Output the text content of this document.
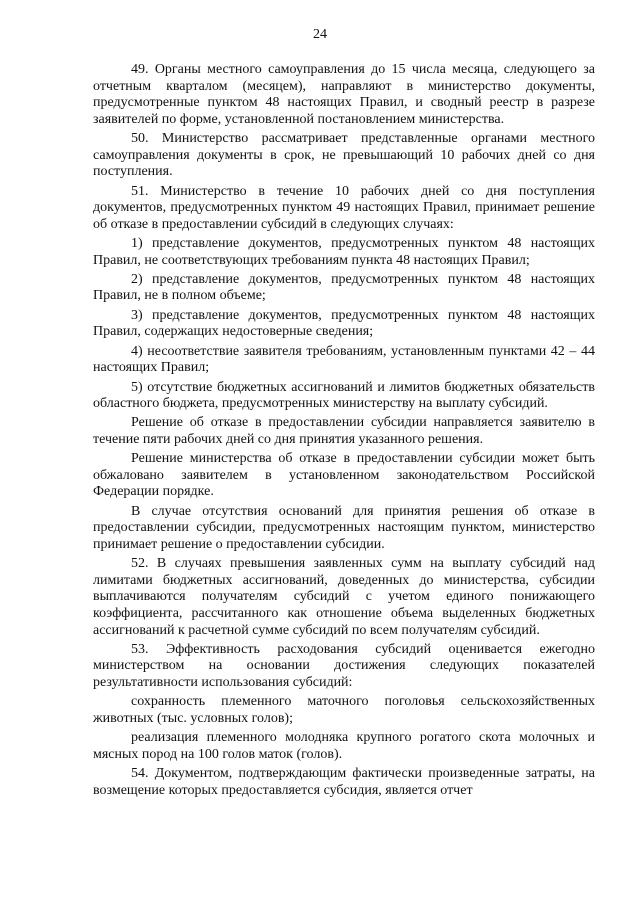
24

49. Органы местного самоуправления до 15 числа месяца, следующего за отчетным кварталом (месяцем), направляют в министерство документы, предусмотренные пунктом 48 настоящих Правил, и сводный реестр в разрезе заявителей по форме, установленной постановлением министерства.

50. Министерство рассматривает представленные органами местного самоуправления документы в срок, не превышающий 10 рабочих дней со дня поступления.

51. Министерство в течение 10 рабочих дней со дня поступления документов, предусмотренных пунктом 49 настоящих Правил, принимает решение об отказе в предоставлении субсидий в следующих случаях:

1) представление документов, предусмотренных пунктом 48 настоящих Правил, не соответствующих требованиям пункта 48 настоящих Правил;

2) представление документов, предусмотренных пунктом 48 настоящих Правил, не в полном объеме;

3) представление документов, предусмотренных пунктом 48 настоящих Правил, содержащих недостоверные сведения;

4) несоответствие заявителя требованиям, установленным пунктами 42 – 44 настоящих Правил;

5) отсутствие бюджетных ассигнований и лимитов бюджетных обязательств областного бюджета, предусмотренных министерству на выплату субсидий.

Решение об отказе в предоставлении субсидии направляется заявителю в течение пяти рабочих дней со дня принятия указанного решения.

Решение министерства об отказе в предоставлении субсидии может быть обжаловано заявителем в установленном законодательством Российской Федерации порядке.

В случае отсутствия оснований для принятия решения об отказе в предоставлении субсидии, предусмотренных настоящим пунктом, министерство принимает решение о предоставлении субсидии.

52. В случаях превышения заявленных сумм на выплату субсидий над лимитами бюджетных ассигнований, доведенных до министерства, субсидии выплачиваются получателям субсидий с учетом единого понижающего коэффициента, рассчитанного как отношение объема выделенных бюджетных ассигнований к расчетной сумме субсидий по всем получателям субсидий.

53. Эффективность расходования субсидий оценивается ежегодно министерством на основании достижения следующих показателей результативности использования субсидий:

сохранность племенного маточного поголовья сельскохозяйственных животных (тыс. условных голов);

реализация племенного молодняка крупного рогатого скота молочных и мясных пород на 100 голов маток (голов).

54. Документом, подтверждающим фактически произведенные затраты, на возмещение которых предоставляется субсидия, является отчет
